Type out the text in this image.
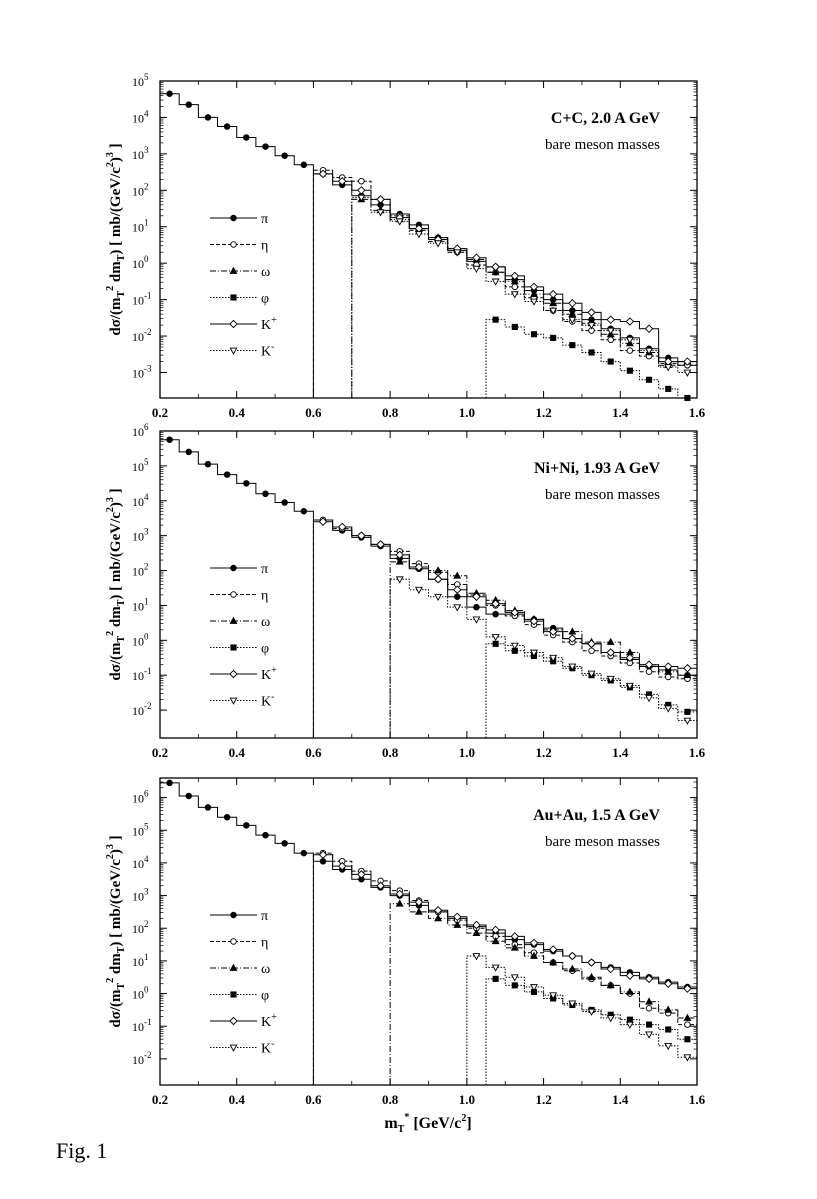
0.2	0.4	0.6	0.8	1.0	1.2	1.4	1.6
$10^{-3}$
$10^{-2}$
$10^{-1}$
$10^0$
$10^1$
$10^2$
$10^3$
$10^4$
$10^5$
$d\sigma/(m_T^2$ $dm_T$) [ $mb/(GeV/c^2)^3$ ]
C+C, 2.0 A GeV
bare meson masses
π
η
ω
φ
K+
K-
0.2	0.4	0.6	0.8	1.0	1.2	1.4	1.6
$10^{-2}$
$10^{-1}$
$10^0$
$10^1$
$10^2$
$10^3$
$10^4$
$10^5$
$10^6$
$d\sigma/(m_T^2$ $dm_T$) [ $mb/(GeV/c^2)^3$ ]
Ni+Ni, 1.93 A GeV
bare meson masses
π
η
ω
φ
K+
K-
0.2	0.4	0.6	0.8	1.0	1.2	1.4	1.6
$10^{-2}$
$10^{-1}$
$10^0$
$10^1$
$10^2$
$10^3$
$10^4$
$10^5$
$10^6$
$d\sigma/(m_T^2$ $dm_T$) [ $mb/(GeV/c^2)^3$ ]
Au+Au, 1.5 A GeV
bare meson masses
π
η
ω
φ
K+
K-
$m_T^*$ $[GeV/c^2]$
Fig. 1
